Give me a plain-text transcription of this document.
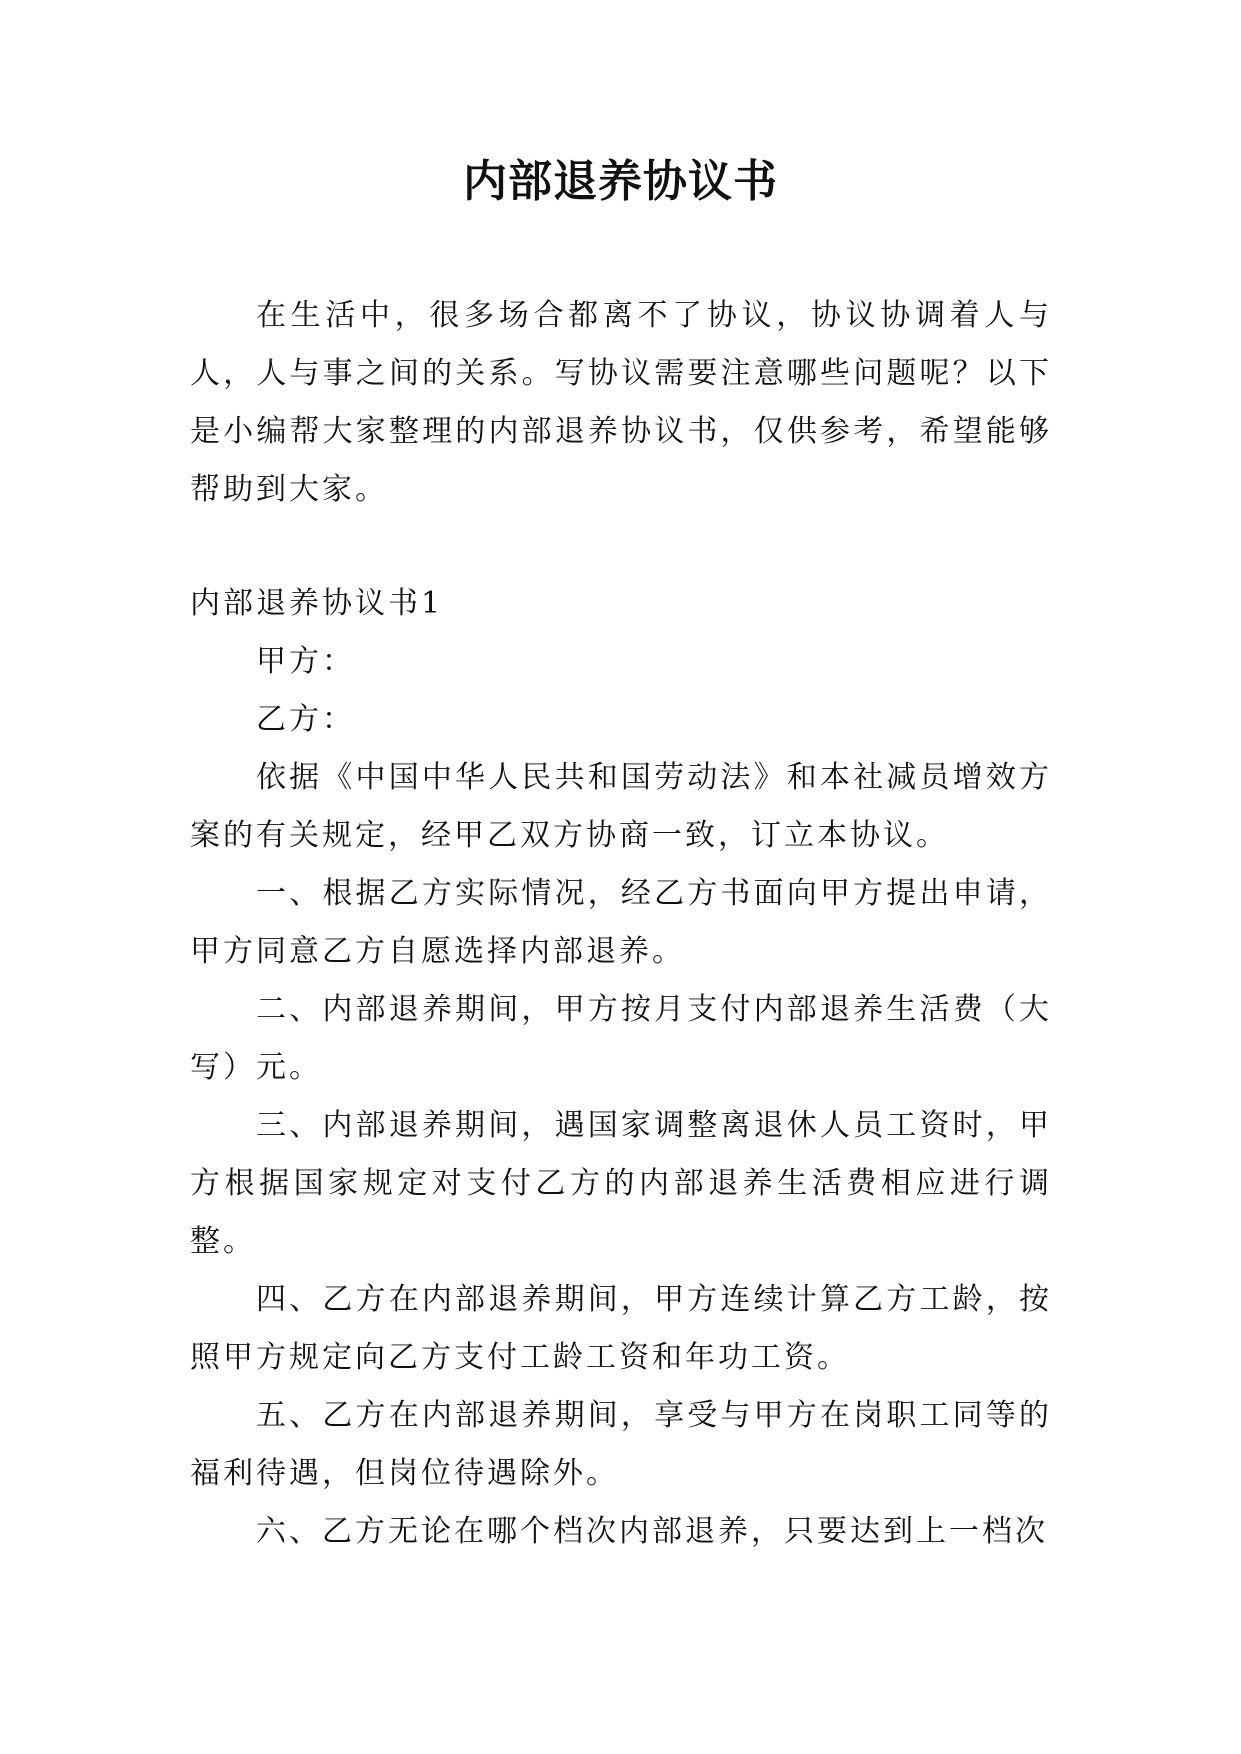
内部退养协议书

在生活中，很多场合都离不了协议，协议协调着人与人，人与事之间的关系。写协议需要注意哪些问题呢？以下是小编帮大家整理的内部退养协议书，仅供参考，希望能够帮助到大家。

内部退养协议书1

甲方：

乙方：

依据《中国中华人民共和国劳动法》和本社减员增效方案的有关规定，经甲乙双方协商一致，订立本协议。

一、根据乙方实际情况，经乙方书面向甲方提出申请，甲方同意乙方自愿选择内部退养。

二、内部退养期间，甲方按月支付内部退养生活费（大写）元。

三、内部退养期间，遇国家调整离退休人员工资时，甲方根据国家规定对支付乙方的内部退养生活费相应进行调整。

四、乙方在内部退养期间，甲方连续计算乙方工龄，按照甲方规定向乙方支付工龄工资和年功工资。

五、乙方在内部退养期间，享受与甲方在岗职工同等的福利待遇，但岗位待遇除外。

六、乙方无论在哪个档次内部退养，只要达到上一档次
